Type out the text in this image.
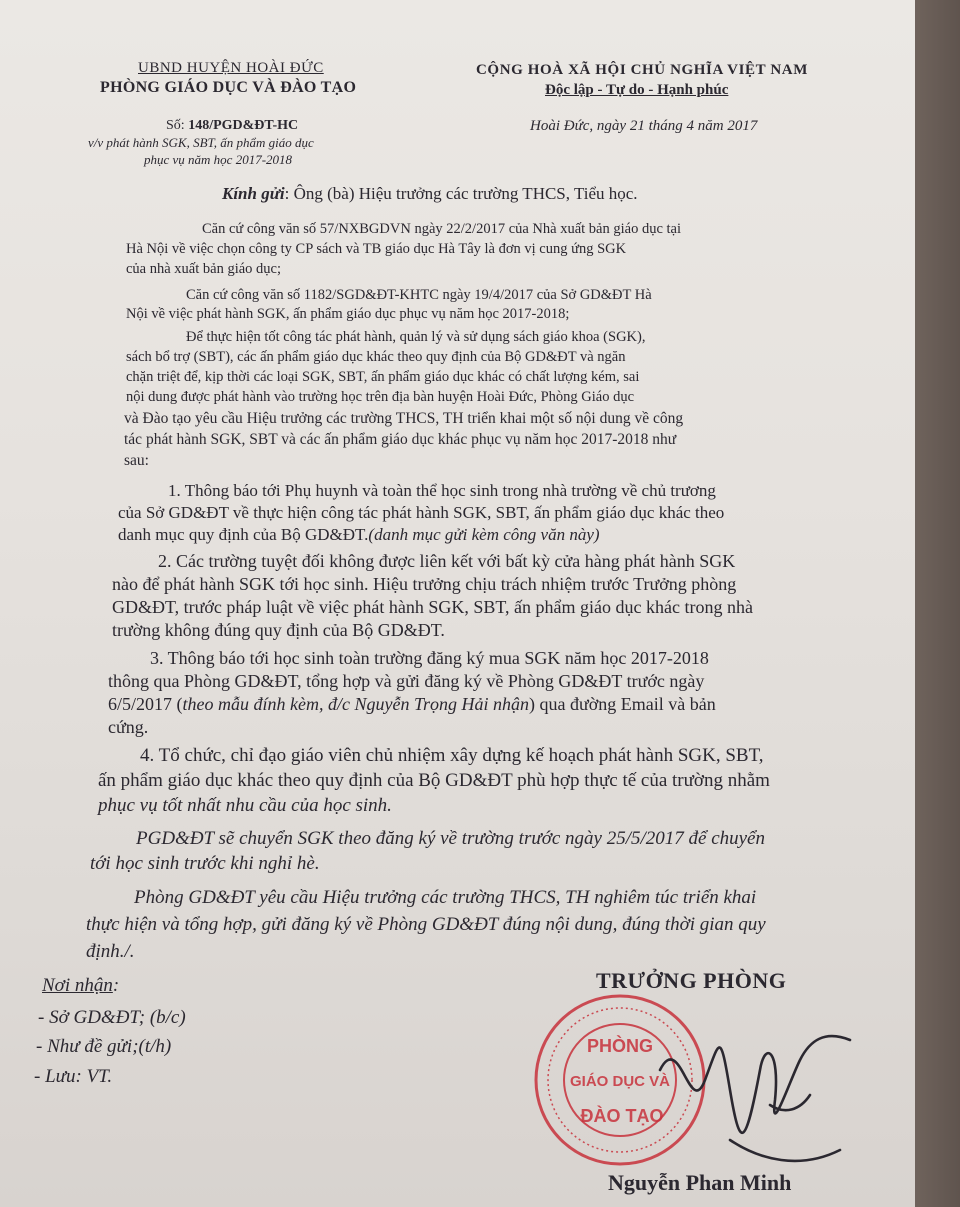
UBND HUYỆN HOÀI ĐỨC
PHÒNG GIÁO DỤC VÀ ĐÀO TẠO
CỘNG HOÀ XÃ HỘI CHỦ NGHĨA VIỆT NAM
Độc lập - Tự do - Hạnh phúc
Số: 148/PGD&ĐT-HC
v/v phát hành SGK, SBT, ấn phẩm giáo dục
phục vụ năm học 2017-2018
Hoài Đức, ngày 21 tháng 4 năm 2017
Kính gửi: Ông (bà) Hiệu trưởng các trường THCS, Tiểu học.
Căn cứ công văn số 57/NXBGDVN ngày 22/2/2017 của Nhà xuất bản giáo dục tại
Hà Nội về việc chọn công ty CP sách và TB giáo dục Hà Tây là đơn vị cung ứng SGK
của nhà xuất bản giáo dục;
Căn cứ công văn số 1182/SGD&ĐT-KHTC ngày 19/4/2017 của Sở GD&ĐT Hà
Nội về việc phát hành SGK, ấn phẩm giáo dục phục vụ năm học 2017-2018;
Để thực hiện tốt công tác phát hành, quản lý và sử dụng sách giáo khoa (SGK),
sách bổ trợ (SBT), các ấn phẩm giáo dục khác theo quy định của Bộ GD&ĐT và ngăn
chặn triệt để, kịp thời các loại SGK, SBT, ấn phẩm giáo dục khác có chất lượng kém, sai
nội dung được phát hành vào trường học trên địa bàn huyện Hoài Đức, Phòng Giáo dục
và Đào tạo yêu cầu Hiệu trưởng các trường THCS, TH triển khai một số nội dung về công
tác phát hành SGK, SBT và các ấn phẩm giáo dục khác phục vụ năm học 2017-2018 như
sau:
1. Thông báo tới Phụ huynh và toàn thể học sinh trong nhà trường về chủ trương
của Sở GD&ĐT về thực hiện công tác phát hành SGK, SBT, ấn phẩm giáo dục khác theo
danh mục quy định của Bộ GD&ĐT.(danh mục gửi kèm công văn này)
2. Các trường tuyệt đối không được liên kết với bất kỳ cửa hàng phát hành SGK
nào để phát hành SGK tới học sinh. Hiệu trưởng chịu trách nhiệm trước Trưởng phòng
GD&ĐT, trước pháp luật về việc phát hành SGK, SBT, ấn phẩm giáo dục khác trong nhà
trường không đúng quy định của Bộ GD&ĐT.
3. Thông báo tới học sinh toàn trường đăng ký mua SGK năm học 2017-2018
thông qua Phòng GD&ĐT, tổng hợp và gửi đăng ký về Phòng GD&ĐT trước ngày
6/5/2017 (theo mẫu đính kèm, đ/c Nguyễn Trọng Hải nhận) qua đường Email và bản
cứng.
4. Tổ chức, chỉ đạo giáo viên chủ nhiệm xây dựng kế hoạch phát hành SGK, SBT,
ấn phẩm giáo dục khác theo quy định của Bộ GD&ĐT phù hợp thực tế của trường nhằm
phục vụ tốt nhất nhu cầu của học sinh.
PGD&ĐT sẽ chuyển SGK theo đăng ký về trường trước ngày 25/5/2017 để chuyển
tới học sinh trước khi nghỉ hè.
Phòng GD&ĐT yêu cầu Hiệu trưởng các trường THCS, TH nghiêm túc triển khai
thực hiện và tổng hợp, gửi đăng ký về Phòng GD&ĐT đúng nội dung, đúng thời gian quy
định./.
Nơi nhận:
- Sở GD&ĐT; (b/c)
- Như đề gửi;(t/h)
- Lưu: VT.
TRƯỞNG PHÒNG
PHÒNG
GIÁO DỤC VÀ
ĐÀO TẠO
Nguyễn Phan Minh
